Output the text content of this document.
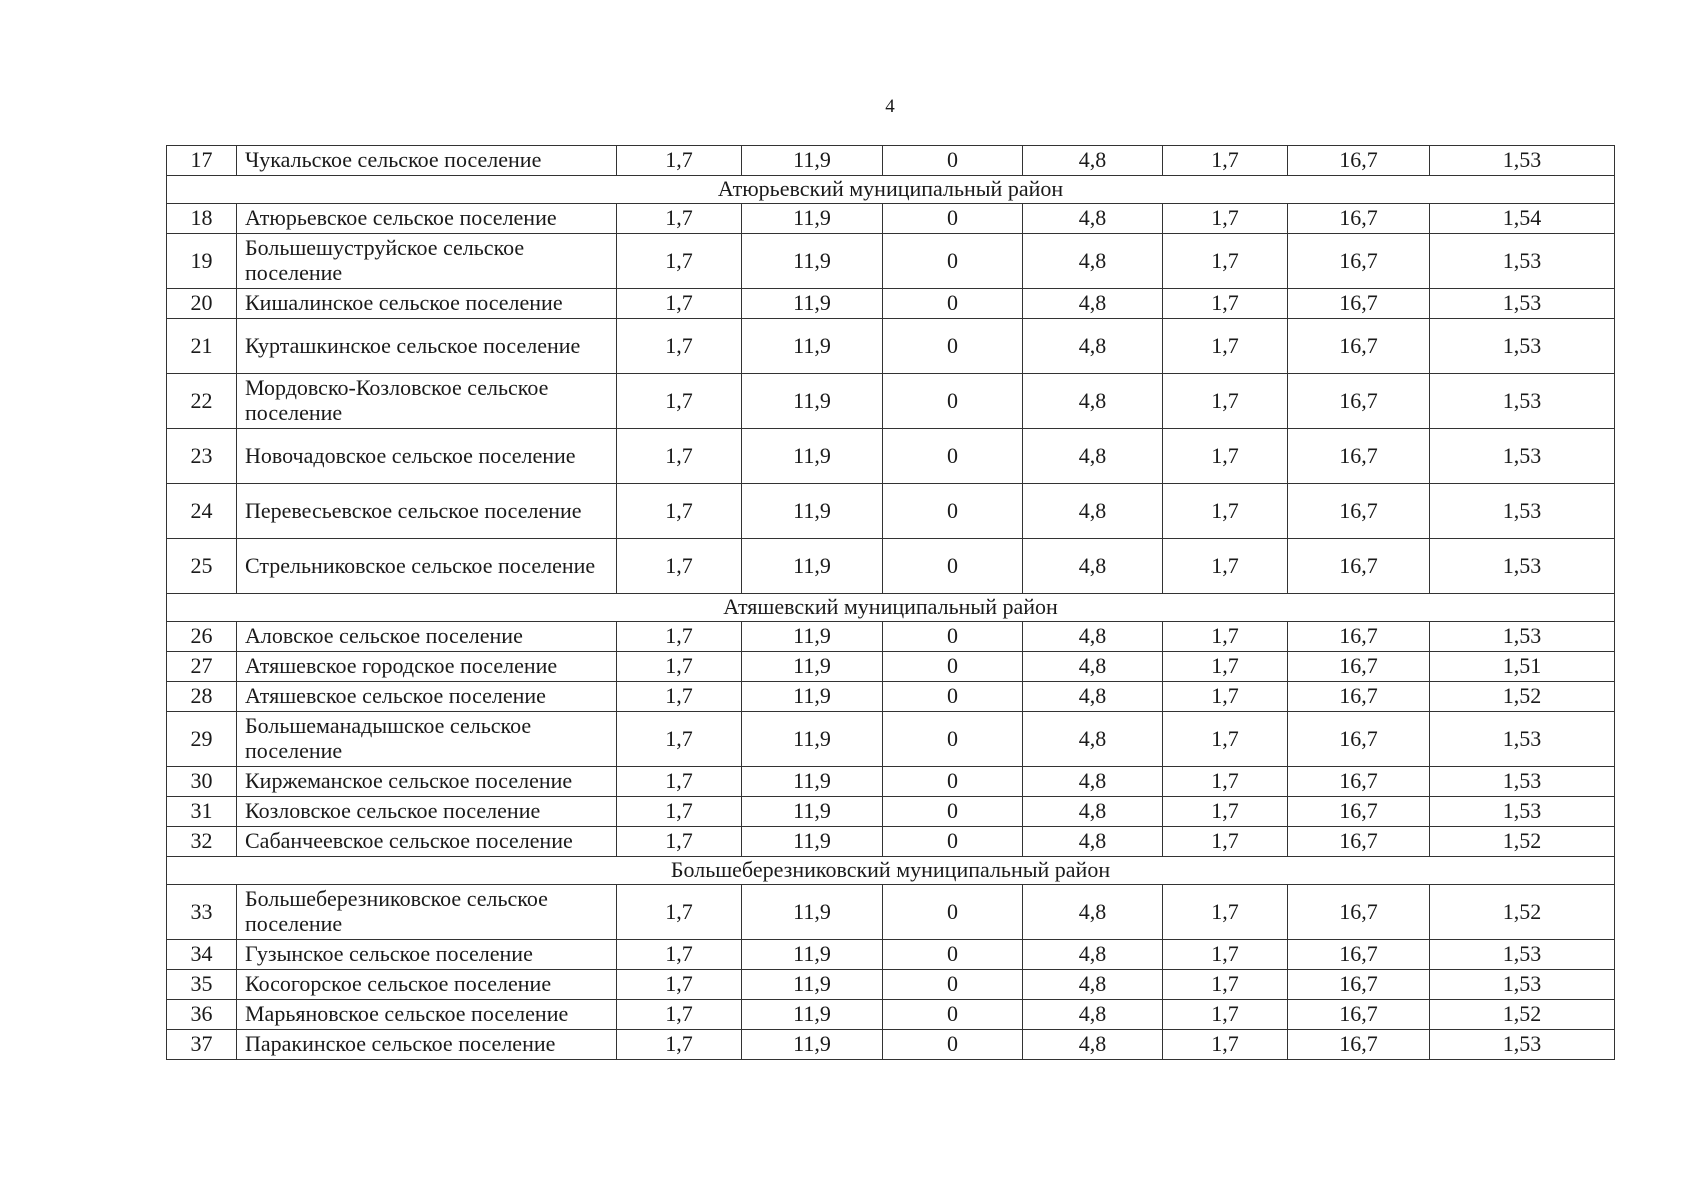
4
17	Чукальское сельское поселение	1,7	11,9	0	4,8	1,7	16,7	1,53
Атюрьевский муниципальный район								
18	Атюрьевское сельское поселение	1,7	11,9	0	4,8	1,7	16,7	1,54
19	Большешуструйское сельское поселение	1,7	11,9	0	4,8	1,7	16,7	1,53
20	Кишалинское сельское поселение	1,7	11,9	0	4,8	1,7	16,7	1,53
21	Курташкинское сельское поселение	1,7	11,9	0	4,8	1,7	16,7	1,53
22	Мордовско-Козловское сельское поселение	1,7	11,9	0	4,8	1,7	16,7	1,53
23	Новочадовское сельское поселение	1,7	11,9	0	4,8	1,7	16,7	1,53
24	Перевесьевское сельское поселение	1,7	11,9	0	4,8	1,7	16,7	1,53
25	Стрельниковское сельское поселение	1,7	11,9	0	4,8	1,7	16,7	1,53
Атяшевский муниципальный район								
26	Аловское сельское поселение	1,7	11,9	0	4,8	1,7	16,7	1,53
27	Атяшевское городское поселение	1,7	11,9	0	4,8	1,7	16,7	1,51
28	Атяшевское сельское поселение	1,7	11,9	0	4,8	1,7	16,7	1,52
29	Большеманадышское сельское поселение	1,7	11,9	0	4,8	1,7	16,7	1,53
30	Киржеманское сельское поселение	1,7	11,9	0	4,8	1,7	16,7	1,53
31	Козловское сельское поселение	1,7	11,9	0	4,8	1,7	16,7	1,53
32	Сабанчеевское сельское поселение	1,7	11,9	0	4,8	1,7	16,7	1,52
Большеберезниковский муниципальный район								
33	Большеберезниковское сельское поселение	1,7	11,9	0	4,8	1,7	16,7	1,52
34	Гузынское сельское поселение	1,7	11,9	0	4,8	1,7	16,7	1,53
35	Косогорское сельское поселение	1,7	11,9	0	4,8	1,7	16,7	1,53
36	Марьяновское сельское поселение	1,7	11,9	0	4,8	1,7	16,7	1,52
37	Паракинское сельское поселение	1,7	11,9	0	4,8	1,7	16,7	1,53
